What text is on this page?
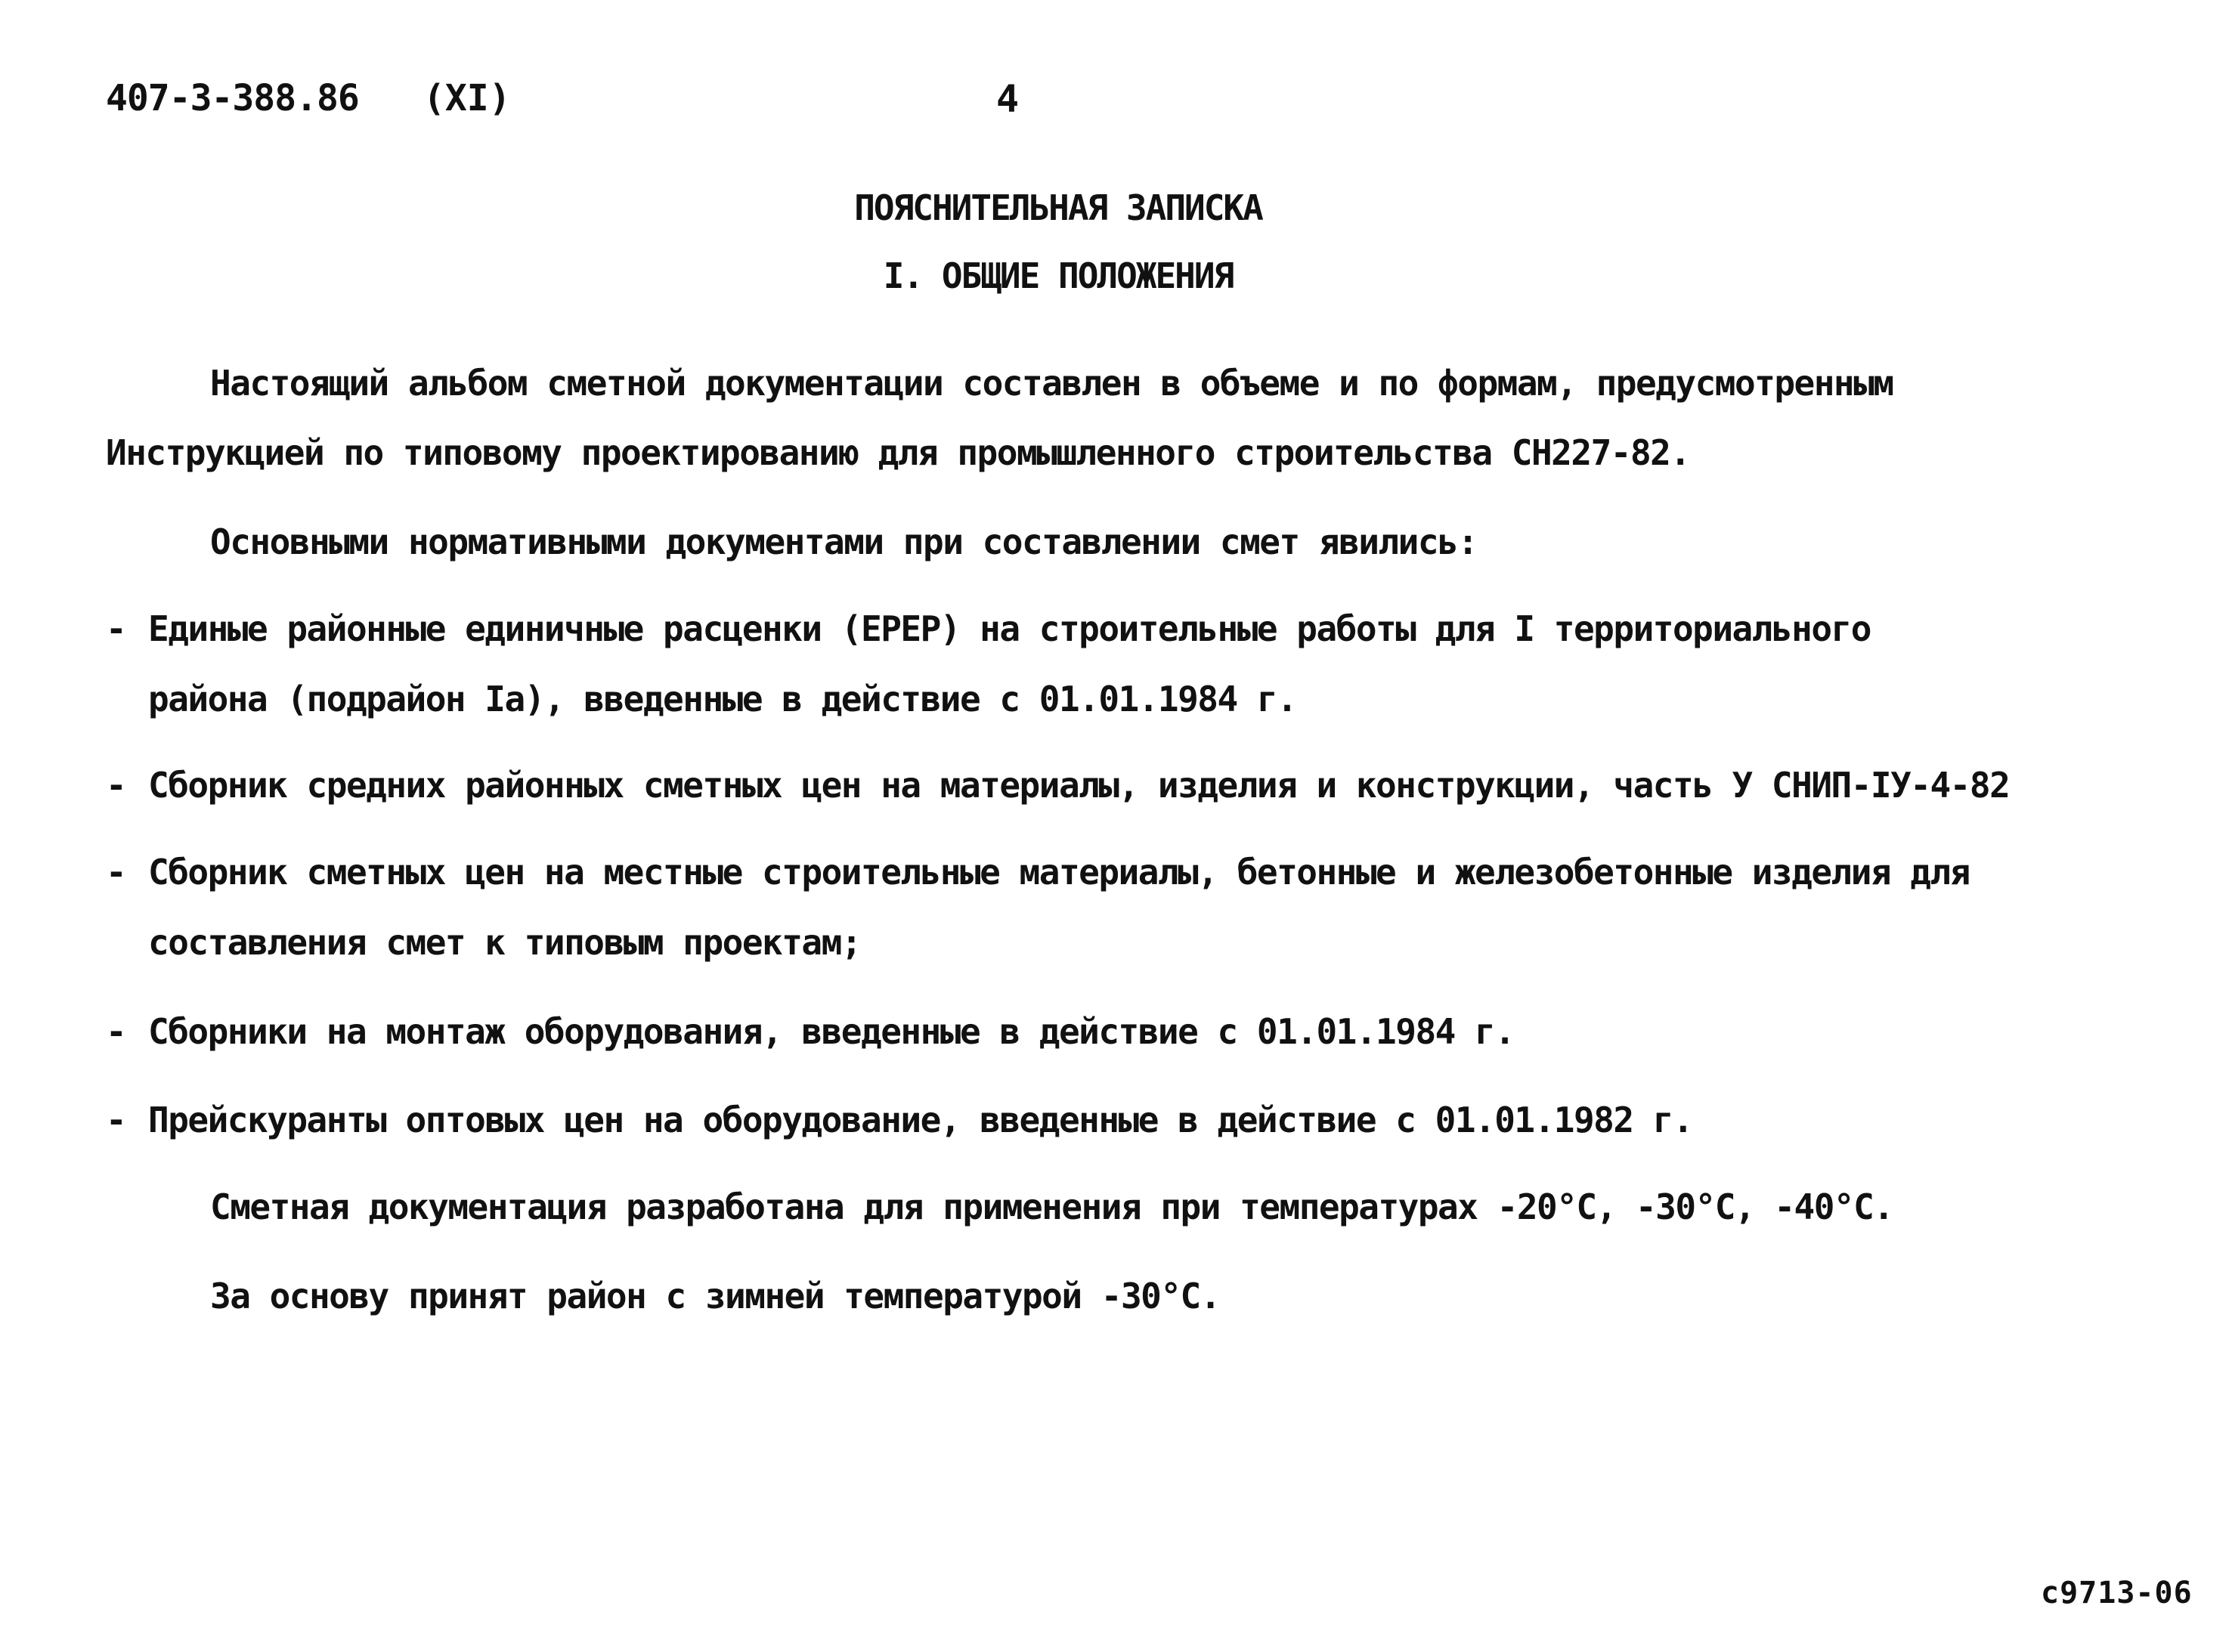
407-3-388.86 (XI)	4
ПОЯСНИТЕЛЬНАЯ ЗАПИСКА
I. ОБЩИЕ ПОЛОЖЕНИЯ
Настоящий альбом сметной документации составлен в объеме и по формам, предусмотренным
Инструкцией по типовому проектированию для промышленного строительства СН227-82.
Основными нормативными документами при составлении смет явились:
- Единые районные единичные расценки (ЕРЕР) на строительные работы для I территориального
района (подрайон Iа), введенные в действие с 01.01.1984 г.
- Сборник средних районных сметных цен на материалы, изделия и конструкции, часть У СНИП-IУ-4-82
- Сборник сметных цен на местные строительные материалы, бетонные и железобетонные изделия для
составления смет к типовым проектам;
- Сборники на монтаж оборудования, введенные в действие с 01.01.1984 г.
- Прейскуранты оптовых цен на оборудование, введенные в действие с 01.01.1982 г.
Сметная документация разработана для применения при температурах -20°С, -30°С, -40°С.
За основу принят район с зимней температурой -30°С.
с9713-06
